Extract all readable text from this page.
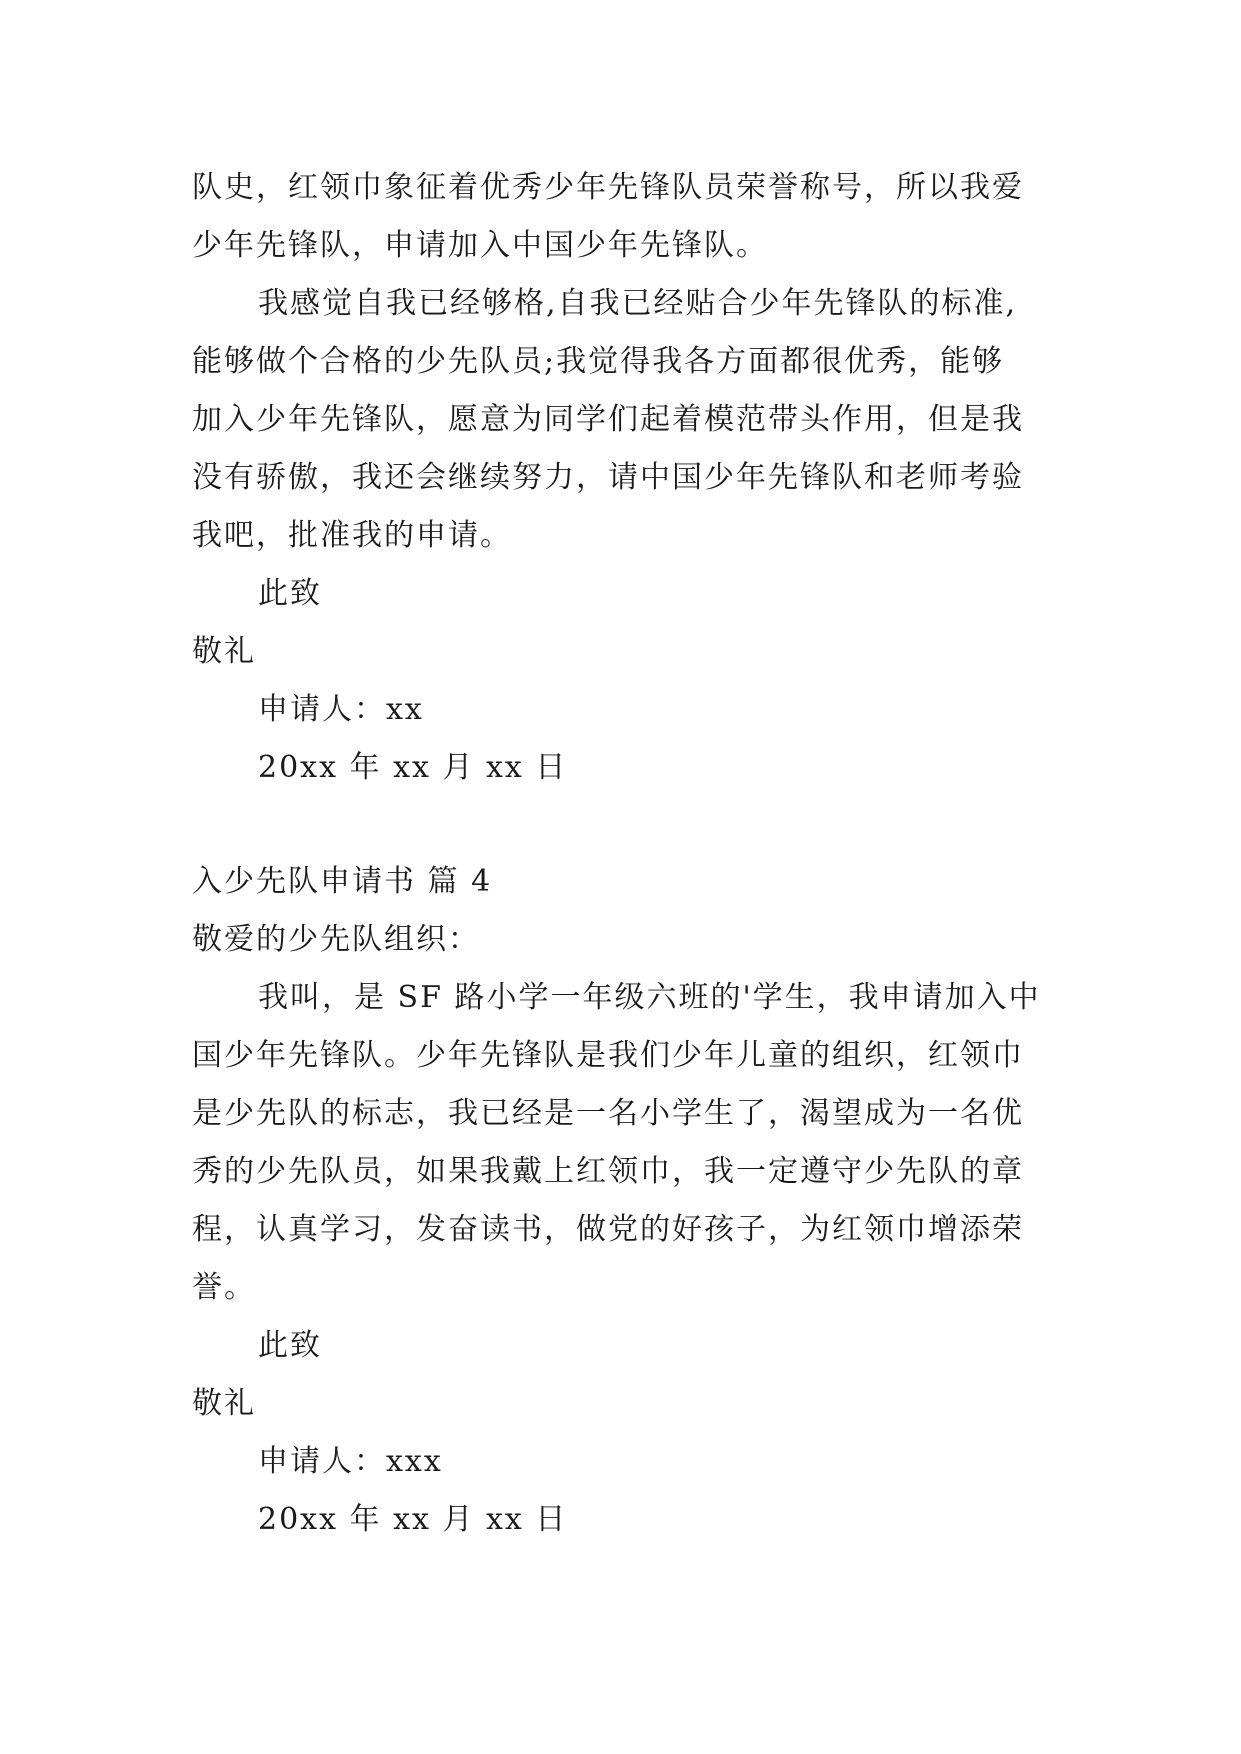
队史，红领巾象征着优秀少年先锋队员荣誉称号，所以我爱
少年先锋队，申请加入中国少年先锋队。
我感觉自我已经够格,自我已经贴合少年先锋队的标准,
能够做个合格的少先队员;我觉得我各方面都很优秀，能够
加入少年先锋队，愿意为同学们起着模范带头作用，但是我
没有骄傲，我还会继续努力，请中国少年先锋队和老师考验
我吧，批准我的申请。
此致
敬礼
申请人：xx
20xx 年 xx 月 xx 日
入少先队申请书 篇 4
敬爱的少先队组织：
我叫，是 SF 路小学一年级六班的'学生，我申请加入中
国少年先锋队。少年先锋队是我们少年儿童的组织，红领巾
是少先队的标志，我已经是一名小学生了，渴望成为一名优
秀的少先队员，如果我戴上红领巾，我一定遵守少先队的章
程，认真学习，发奋读书，做党的好孩子，为红领巾增添荣
誉。
此致
敬礼
申请人：xxx
20xx 年 xx 月 xx 日
